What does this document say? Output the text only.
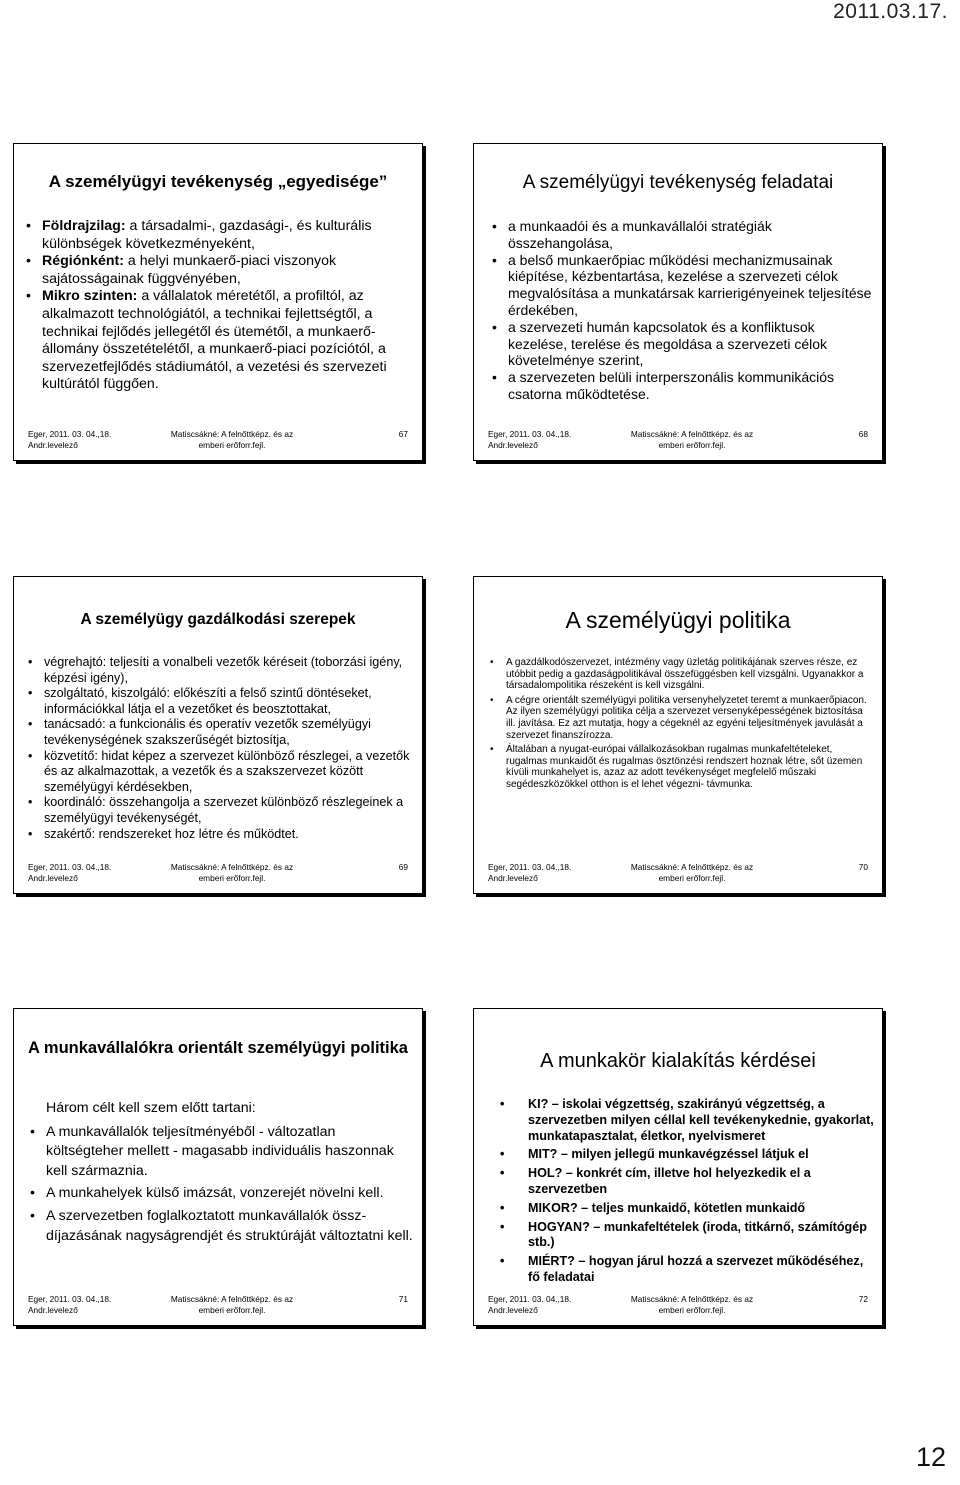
2011.03.17.
A személyügyi tevékenység „egyedisége”
• Földrajzilag: a társadalmi-, gazdasági-, és kulturális különbségek következményeként,
• Régiónként: a helyi munkaerő-piaci viszonyok sajátosságainak függvényében,
• Mikro szinten: a vállalatok méretétől, a profiltól, az alkalmazott technológiától, a technikai fejlettségtől, a technikai fejlődés jellegétől és ütemétől, a munkaerő-állomány összetételétől, a munkaerő-piaci pozíciótól, a szervezetfejlődés stádiumától, a vezetési és szervezeti kultúrától függően.
Eger, 2011. 03. 04.,18.
Andr.levelező
Matiscsákné: A felnőttképz. és az
emberi erőforr.fejl.
67
A személyügyi tevékenység feladatai
• a munkaadói és a munkavállalói stratégiák összehangolása,
• a belső munkaerőpiac működési mechanizmusainak kiépítése, kézbentartása, kezelése a szervezeti célok megvalósítása a munkatársak karrierigényeinek teljesítése érdekében,
• a szervezeti humán kapcsolatok és a konfliktusok kezelése, terelése és megoldása a szervezeti célok követelménye szerint,
• a szervezeten belüli interperszonális kommunikációs csatorna működtetése.
Eger, 2011. 03. 04.,18.
Andr.levelező
Matiscsákné: A felnőttképz. és az
emberi erőforr.fejl.
68
A személyügy gazdálkodási szerepek
• végrehajtó: teljesíti a vonalbeli vezetők kéréseit (toborzási igény, képzési igény),
• szolgáltató, kiszolgáló: előkészíti a felső szintű döntéseket, információkkal látja el a vezetőket és beosztottakat,
• tanácsadó: a funkcionális és operatív vezetők személyügyi tevékenységének szakszerűségét biztosítja,
• közvetítő: hidat képez a szervezet különböző részlegei, a vezetők és az alkalmazottak, a vezetők és a szakszervezet között személyügyi kérdésekben,
• koordináló: összehangolja a szervezet különböző részlegeinek a személyügyi tevékenységét,
• szakértő: rendszereket hoz létre és működtet.
Eger, 2011. 03. 04.,18.
Andr.levelező
Matiscsákné: A felnőttképz. és az
emberi erőforr.fejl.
69
A személyügyi politika
• A gazdálkodószervezet, intézmény vagy üzletág politikájának szerves része, ez utóbbit pedig a gazdaságpolitikával összefüggésben kell vizsgálni. Ugyanakkor a társadalompolitika részeként is kell vizsgálni.
• A cégre orientált személyügyi politika versenyhelyzetet teremt a munkaerőpiacon. Az ilyen személyügyi politika célja a szervezet versenyképességének biztosítása ill. javítása. Ez azt mutatja, hogy a cégeknél az egyéni teljesítmények javulását a szervezet finanszírozza.
• Általában a nyugat-európai vállalkozásokban rugalmas munkafeltételeket, rugalmas munkaidőt és rugalmas ösztönzési rendszert hoznak létre, sőt üzemen kívüli munkahelyet is, azaz az adott tevékenységet megfelelő műszaki segédeszközökkel otthon is el lehet végezni- távmunka.
Eger, 2011. 03. 04.,18.
Andr.levelező
Matiscsákné: A felnőttképz. és az
emberi erőforr.fejl.
70
A munkavállalókra orientált személyügyi politika

Három célt kell szem előtt tartani:

• A munkavállalók teljesítményéből - változatlan költségteher mellett - magasabb individuális haszonnak kell származnia.
• A munkahelyek külső imázsát, vonzerejét növelni kell.
• A szervezetben foglalkoztatott munkavállalók össz-díjazásának nagyságrendjét és struktúráját változtatni kell.
Eger, 2011. 03. 04.,18.
Andr.levelező
Matiscsákné: A felnőttképz. és az
emberi erőforr.fejl.
71
A munkakör kialakítás kérdései
• KI? – iskolai végzettség, szakirányú végzettség, a szervezetben milyen céllal kell tevékenykednie, gyakorlat, munkatapasztalat, életkor, nyelvismeret
• MIT? – milyen jellegű munkavégzéssel látjuk el
• HOL? – konkrét cím, illetve hol helyezkedik el a szervezetben
• MIKOR? – teljes munkaidő, kötetlen munkaidő
• HOGYAN? – munkafeltételek (iroda, titkárnő, számítógép stb.)
• MIÉRT? – hogyan járul hozzá a szervezet működéséhez, fő feladatai
Eger, 2011. 03. 04.,18.
Andr.levelező
Matiscsákné: A felnőttképz. és az
emberi erőforr.fejl.
72
12
